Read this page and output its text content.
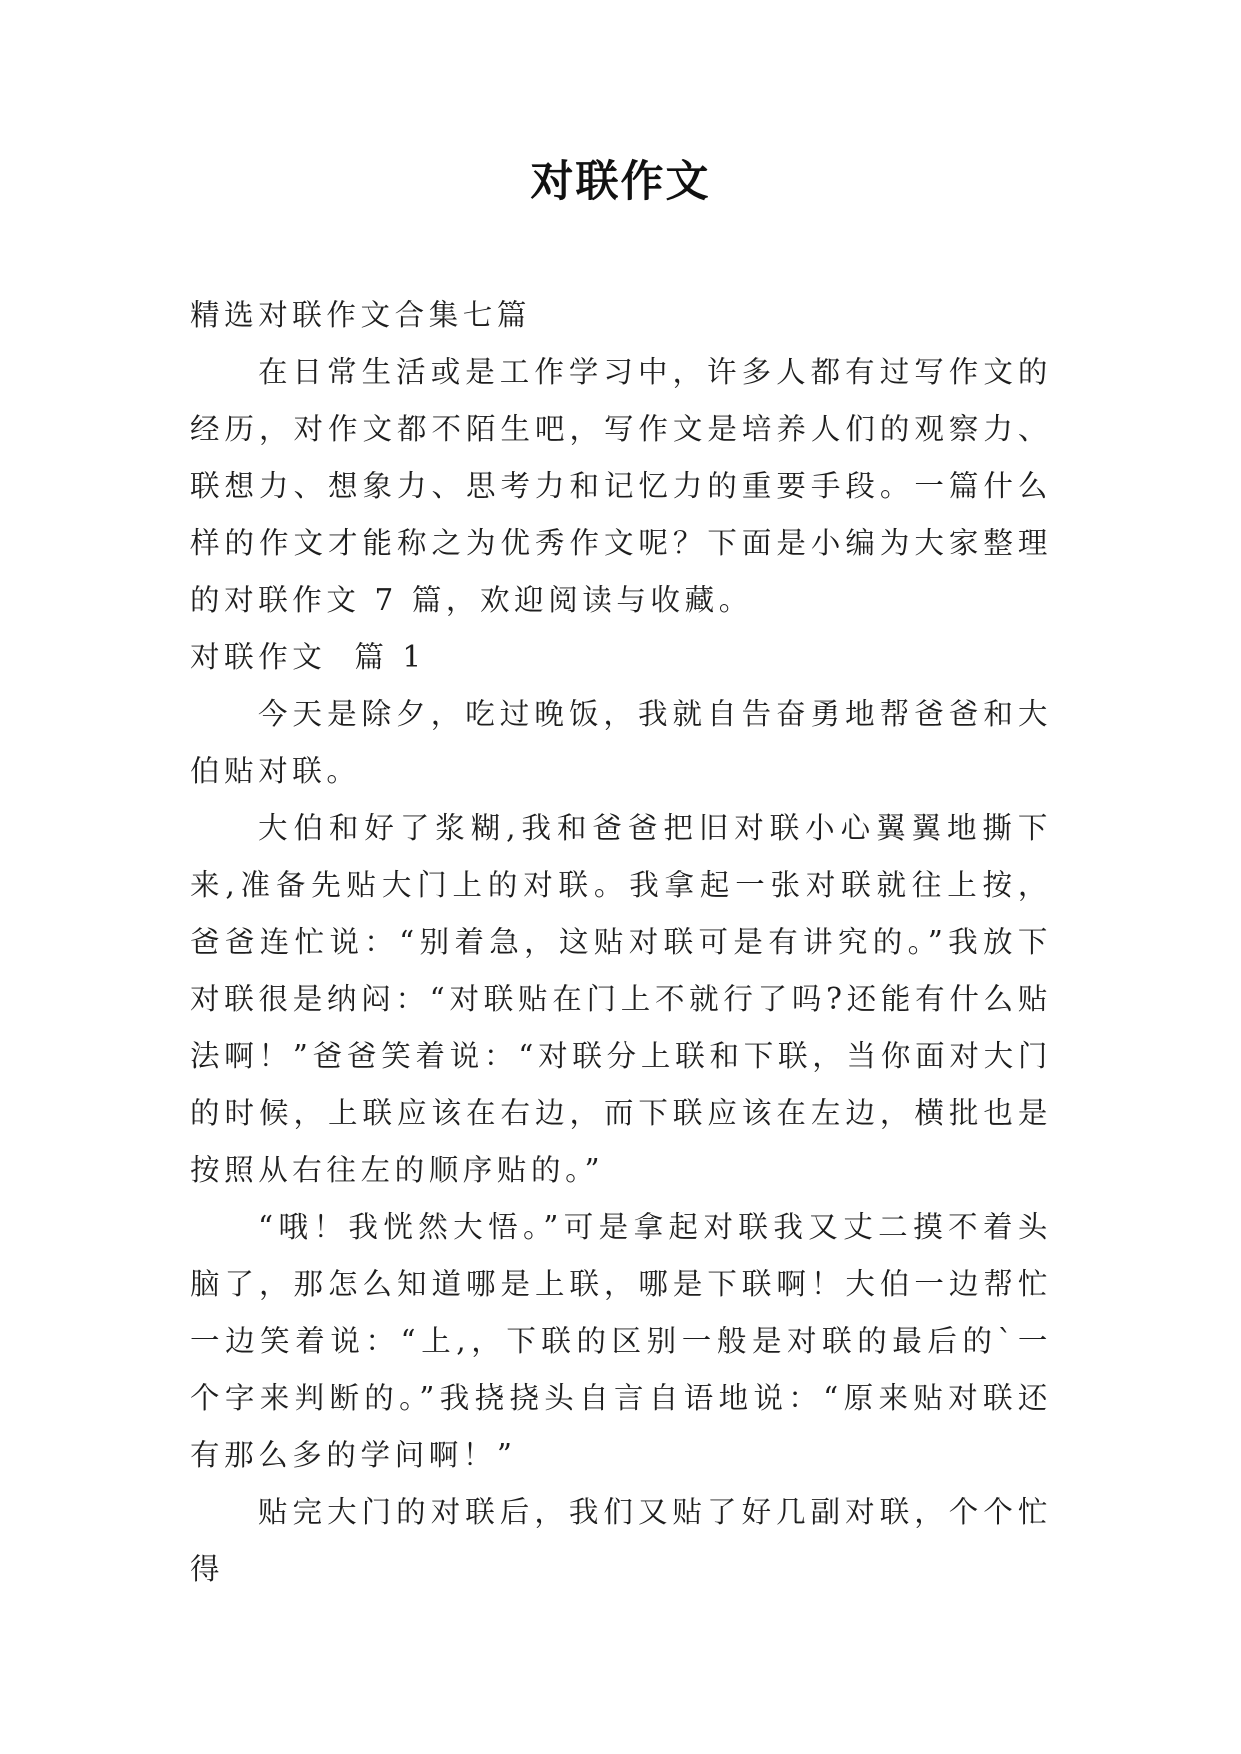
对联作文

精选对联作文合集七篇

在日常生活或是工作学习中，许多人都有过写作文的经历，对作文都不陌生吧，写作文是培养人们的观察力、联想力、想象力、思考力和记忆力的重要手段。一篇什么样的作文才能称之为优秀作文呢？下面是小编为大家整理的对联作文 7 篇，欢迎阅读与收藏。

对联作文  篇 1

今天是除夕，吃过晚饭，我就自告奋勇地帮爸爸和大伯贴对联。

大伯和好了浆糊,我和爸爸把旧对联小心翼翼地撕下来,准备先贴大门上的对联。我拿起一张对联就往上按，爸爸连忙说：“别着急，这贴对联可是有讲究的。”我放下对联很是纳闷：“对联贴在门上不就行了吗?还能有什么贴法啊！”爸爸笑着说：“对联分上联和下联，当你面对大门的时候，上联应该在右边，而下联应该在左边，横批也是按照从右往左的顺序贴的。”

“哦！我恍然大悟。”可是拿起对联我又丈二摸不着头脑了，那怎么知道哪是上联，哪是下联啊！大伯一边帮忙一边笑着说：“上,，下联的区别一般是对联的最后的`一个字来判断的。”我挠挠头自言自语地说：“原来贴对联还有那么多的学问啊！”

贴完大门的对联后，我们又贴了好几副对联，个个忙得
